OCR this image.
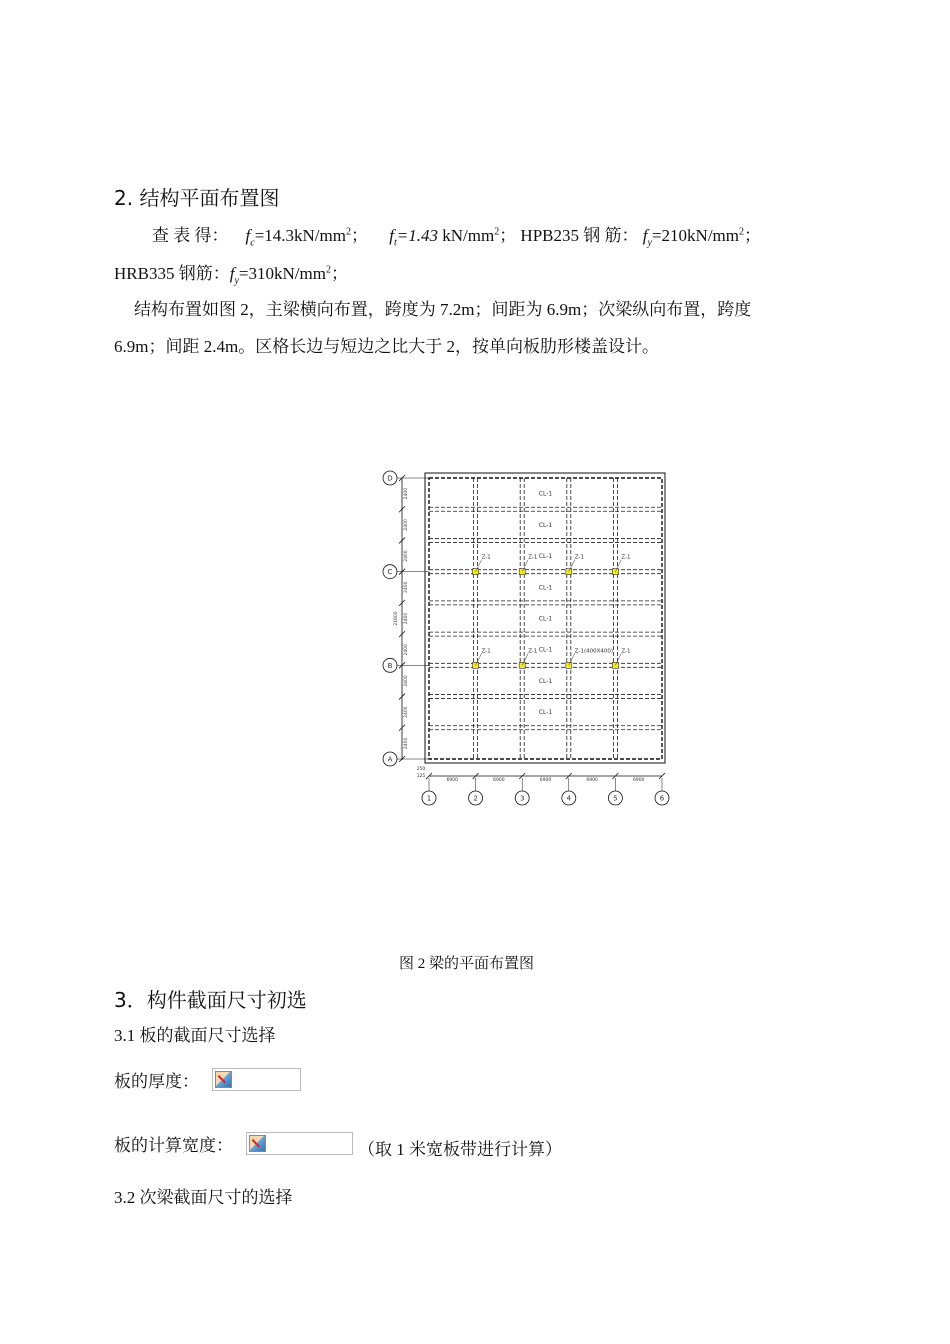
2. 结构平面布置图
查 表 得： $f_c=14.3kN/mm^2$； $f_t=1.43$ $kN/mm^2$； HPB235 钢 筋： $f_y=210kN/mm^2$；
HRB335 钢筋：$f_y=310kN/mm^2$；
结构布置如图 2，主梁横向布置，跨度为 7.2m；间距为 6.9m；次梁纵向布置，跨度
6.9m；间距 2.4m。区格长边与短边之比大于 2，按单向板肋形楼盖设计。
CL-1
CL-1
CL-1
CL-1
CL-1
CL-1
CL-1
CL-1
Z-1	Z-1	Z-1	Z-1
Z-1	Z-1	Z-1(400X400) Z-1
2400
2400
2400
2400
2400
2400
2400
2400
2400
21600
D
C
B
A
6900	6900	6900	6900	6900
1	2	3	4	5	6
250
125
图 2 梁的平面布置图
3．构件截面尺寸初选
3.1 板的截面尺寸选择
板的厚度：
板的计算宽度：	（取 1 米宽板带进行计算）
3.2 次梁截面尺寸的选择
